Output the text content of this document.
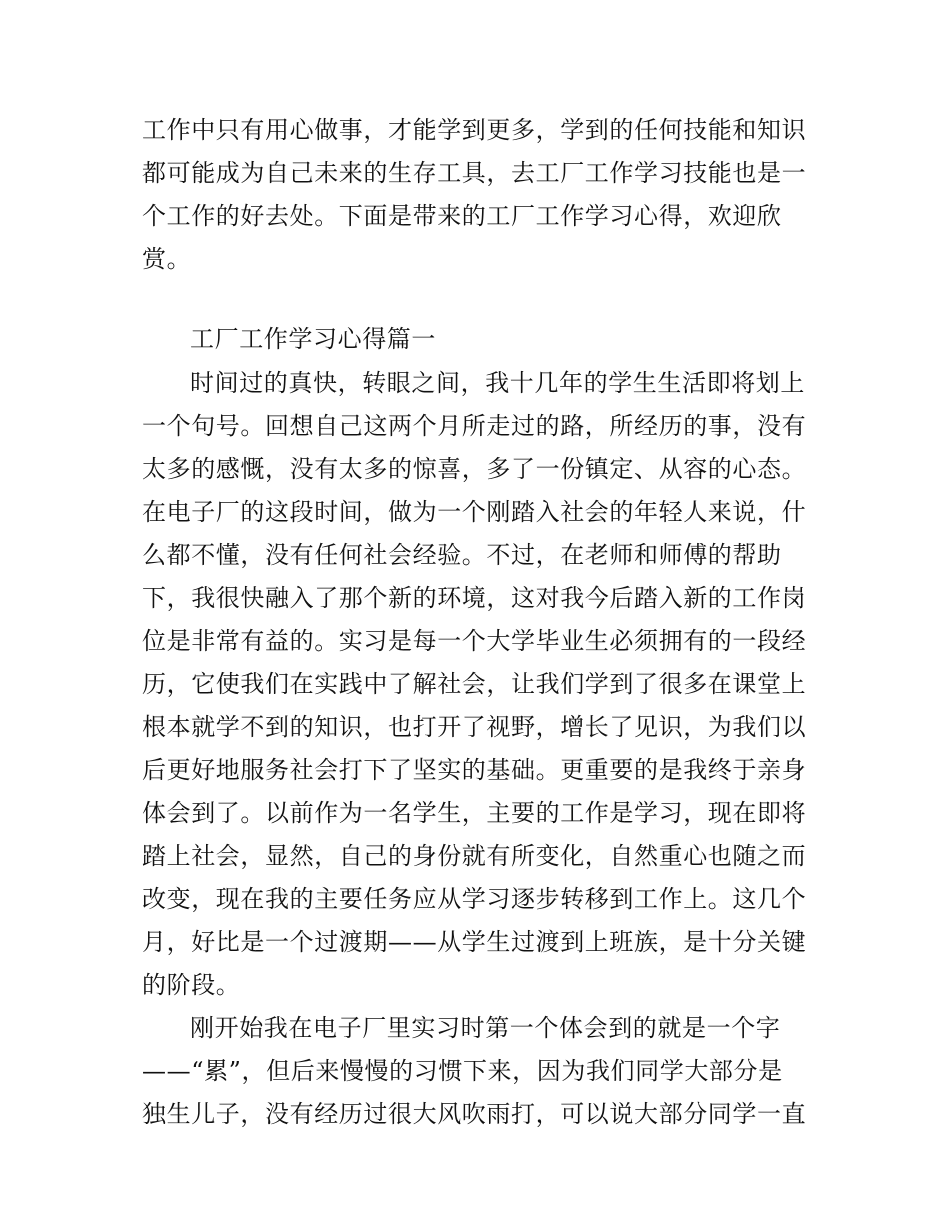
工作中只有用心做事，才能学到更多，学到的任何技能和知识
都可能成为自己未来的生存工具，去工厂工作学习技能也是一
个工作的好去处。下面是带来的工厂工作学习心得，欢迎欣
赏。
工厂工作学习心得篇一
时间过的真快，转眼之间，我十几年的学生生活即将划上
一个句号。回想自己这两个月所走过的路，所经历的事，没有
太多的感慨，没有太多的惊喜，多了一份镇定、从容的心态。
在电子厂的这段时间，做为一个刚踏入社会的年轻人来说，什
么都不懂，没有任何社会经验。不过，在老师和师傅的帮助
下，我很快融入了那个新的环境，这对我今后踏入新的工作岗
位是非常有益的。实习是每一个大学毕业生必须拥有的一段经
历，它使我们在实践中了解社会，让我们学到了很多在课堂上
根本就学不到的知识，也打开了视野，增长了见识，为我们以
后更好地服务社会打下了坚实的基础。更重要的是我终于亲身
体会到了。以前作为一名学生，主要的工作是学习，现在即将
踏上社会，显然，自己的身份就有所变化，自然重心也随之而
改变，现在我的主要任务应从学习逐步转移到工作上。这几个
月，好比是一个过渡期——从学生过渡到上班族，是十分关键
的阶段。
刚开始我在电子厂里实习时第一个体会到的就是一个字
——“累”，但后来慢慢的习惯下来，因为我们同学大部分是
独生儿子，没有经历过很大风吹雨打，可以说大部分同学一直
